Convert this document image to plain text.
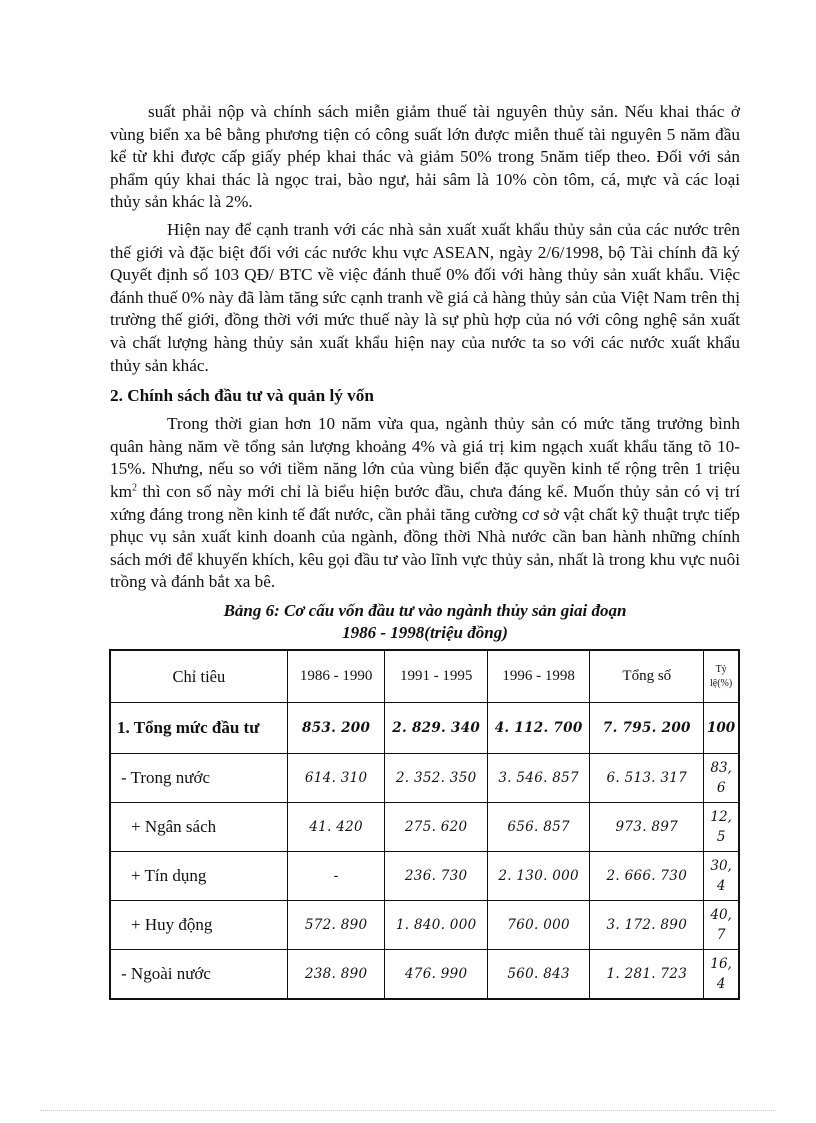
suất phải nộp và chính sách miễn giảm thuế tài nguyên thủy sản. Nếu khai thác ở vùng biển xa bê bằng phương tiện có công suất lớn được miễn thuế tài nguyên 5 năm đầu kể từ khi được cấp giấy phép khai thác và giảm 50% trong 5năm tiếp theo. Đối với sản phẩm qúy khai thác là ngọc trai, bào ngư, hải sâm là 10% còn tôm, cá, mực và các loại thủy sản khác là 2%.

Hiện nay để cạnh tranh với các nhà sản xuất xuất khẩu thủy sản của các nước trên thế giới và đặc biệt đối với các nước khu vực ASEAN, ngày 2/6/1998, bộ Tài chính đã ký Quyết định số 103 QĐ/ BTC về việc đánh thuế 0% đối với hàng thủy sản xuất khẩu. Việc đánh thuế 0% này đã làm tăng sức cạnh tranh về giá cả hàng thủy sản của Việt Nam trên thị trường thế giới, đồng thời với mức thuế này là sự phù hợp của nó với công nghệ sản xuất và chất lượng hàng thủy sản xuất khẩu hiện nay của nước ta so với các nước xuất khẩu thủy sản khác.

2. Chính sách đầu tư và quản lý vốn

Trong thời gian hơn 10 năm vừa qua, ngành thủy sản có mức tăng trưởng bình quân hàng năm về tổng sản lượng khoảng 4% và giá trị kim ngạch xuất khẩu tăng tõ 10-15%. Nhưng, nếu so với tiềm năng lớn của vùng biển đặc quyền kinh tế rộng trên 1 triệu $km^2$ thì con số này mới chỉ là biểu hiện bước đầu, chưa đáng kể. Muốn thủy sản có vị trí xứng đáng trong nền kinh tế đất nước, cần phải tăng cường cơ sở vật chất kỹ thuật trực tiếp phục vụ sản xuất kinh doanh của ngành, đồng thời Nhà nước cần ban hành những chính sách mới để khuyến khích, kêu gọi đầu tư vào lĩnh vực thủy sản, nhất là trong khu vực nuôi trồng và đánh bắt xa bê.

Bảng 6: Cơ cấu vốn đầu tư vào ngành thủy sản giai đoạn
1986 - 1998(triệu đồng)
Chỉ tiêu	1986 - 1990	1991 - 1995	1996 - 1998	Tổng số	Tỷ lệ(%)
1. Tổng mức đầu tư	853. 200	2. 829. 340	4. 112. 700	7. 795. 200	100
- Trong nước	614. 310	2. 352. 350	3. 546. 857	6. 513. 317	83, 6
+ Ngân sách	41. 420	275. 620	656. 857	973. 897	12, 5
+ Tín dụng	-	236. 730	2. 130. 000	2. 666. 730	30, 4
+ Huy động	572. 890	1. 840. 000	760. 000	3. 172. 890	40, 7
- Ngoài nước	238. 890	476. 990	560. 843	1. 281. 723	16, 4
